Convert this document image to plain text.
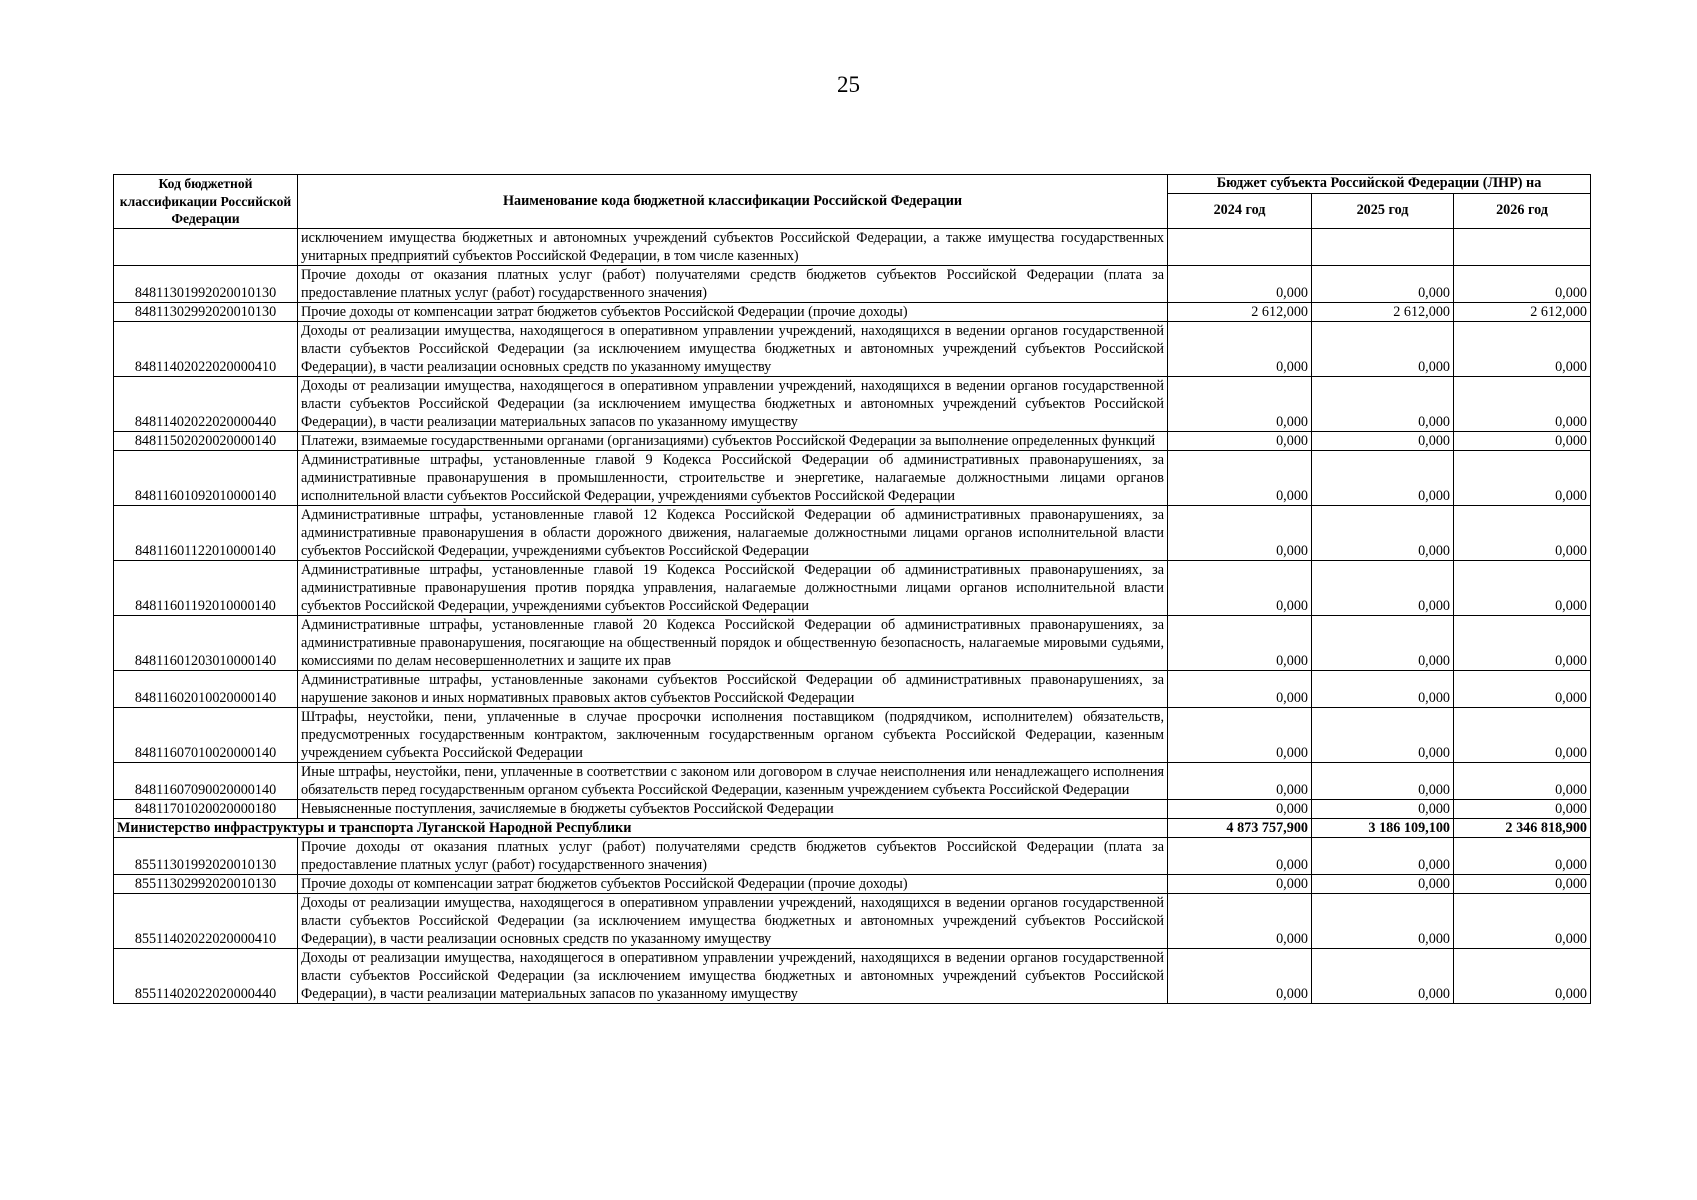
25
Код бюджетной классификации Российской Федерации	Наименование кода бюджетной классификации Российской Федерации	Бюджет субъекта Российской Федерации (ЛНР) на		
		2024 год	2025 год	2026 год
	исключением имущества бюджетных и автономных учреждений субъектов Российской Федерации, а также имущества государственных унитарных предприятий субъектов Российской Федерации, в том числе казенных)			
84811301992020010130	Прочие доходы от оказания платных услуг (работ) получателями средств бюджетов субъектов Российской Федерации (плата за предоставление платных услуг (работ) государственного значения)	0,000	0,000	0,000
84811302992020010130	Прочие доходы от компенсации затрат бюджетов субъектов Российской Федерации (прочие доходы)	2 612,000	2 612,000	2 612,000
84811402022020000410	Доходы от реализации имущества, находящегося в оперативном управлении учреждений, находящихся в ведении органов государственной власти субъектов Российской Федерации (за исключением имущества бюджетных и автономных учреждений субъектов Российской Федерации), в части реализации основных средств по указанному имуществу	0,000	0,000	0,000
84811402022020000440	Доходы от реализации имущества, находящегося в оперативном управлении учреждений, находящихся в ведении органов государственной власти субъектов Российской Федерации (за исключением имущества бюджетных и автономных учреждений субъектов Российской Федерации), в части реализации материальных запасов по указанному имуществу	0,000	0,000	0,000
84811502020020000140	Платежи, взимаемые государственными органами (организациями) субъектов Российской Федерации за выполнение определенных функций	0,000	0,000	0,000
84811601092010000140	Административные штрафы, установленные главой 9 Кодекса Российской Федерации об административных правонарушениях, за административные правонарушения в промышленности, строительстве и энергетике, налагаемые должностными лицами органов исполнительной власти субъектов Российской Федерации, учреждениями субъектов Российской Федерации	0,000	0,000	0,000
84811601122010000140	Административные штрафы, установленные главой 12 Кодекса Российской Федерации об административных правонарушениях, за административные правонарушения в области дорожного движения, налагаемые должностными лицами органов исполнительной власти субъектов Российской Федерации, учреждениями субъектов Российской Федерации	0,000	0,000	0,000
84811601192010000140	Административные штрафы, установленные главой 19 Кодекса Российской Федерации об административных правонарушениях, за административные правонарушения против порядка управления, налагаемые должностными лицами органов исполнительной власти субъектов Российской Федерации, учреждениями субъектов Российской Федерации	0,000	0,000	0,000
84811601203010000140	Административные штрафы, установленные главой 20 Кодекса Российской Федерации об административных правонарушениях, за административные правонарушения, посягающие на общественный порядок и общественную безопасность, налагаемые мировыми судьями, комиссиями по делам несовершеннолетних и защите их прав	0,000	0,000	0,000
84811602010020000140	Административные штрафы, установленные законами субъектов Российской Федерации об административных правонарушениях, за нарушение законов и иных нормативных правовых актов субъектов Российской Федерации	0,000	0,000	0,000
84811607010020000140	Штрафы, неустойки, пени, уплаченные в случае просрочки исполнения поставщиком (подрядчиком, исполнителем) обязательств, предусмотренных государственным контрактом, заключенным государственным органом субъекта Российской Федерации, казенным учреждением субъекта Российской Федерации	0,000	0,000	0,000
84811607090020000140	Иные штрафы, неустойки, пени, уплаченные в соответствии с законом или договором в случае неисполнения или ненадлежащего исполнения обязательств перед государственным органом субъекта Российской Федерации, казенным учреждением субъекта Российской Федерации	0,000	0,000	0,000
84811701020020000180	Невыясненные поступления, зачисляемые в бюджеты субъектов Российской Федерации	0,000	0,000	0,000
Министерство инфраструктуры и транспорта Луганской Народной Республики		4 873 757,900	3 186 109,100	2 346 818,900
85511301992020010130	Прочие доходы от оказания платных услуг (работ) получателями средств бюджетов субъектов Российской Федерации (плата за предоставление платных услуг (работ) государственного значения)	0,000	0,000	0,000
85511302992020010130	Прочие доходы от компенсации затрат бюджетов субъектов Российской Федерации (прочие доходы)	0,000	0,000	0,000
85511402022020000410	Доходы от реализации имущества, находящегося в оперативном управлении учреждений, находящихся в ведении органов государственной власти субъектов Российской Федерации (за исключением имущества бюджетных и автономных учреждений субъектов Российской Федерации), в части реализации основных средств по указанному имуществу	0,000	0,000	0,000
85511402022020000440	Доходы от реализации имущества, находящегося в оперативном управлении учреждений, находящихся в ведении органов государственной власти субъектов Российской Федерации (за исключением имущества бюджетных и автономных учреждений субъектов Российской Федерации), в части реализации материальных запасов по указанному имуществу	0,000	0,000	0,000
